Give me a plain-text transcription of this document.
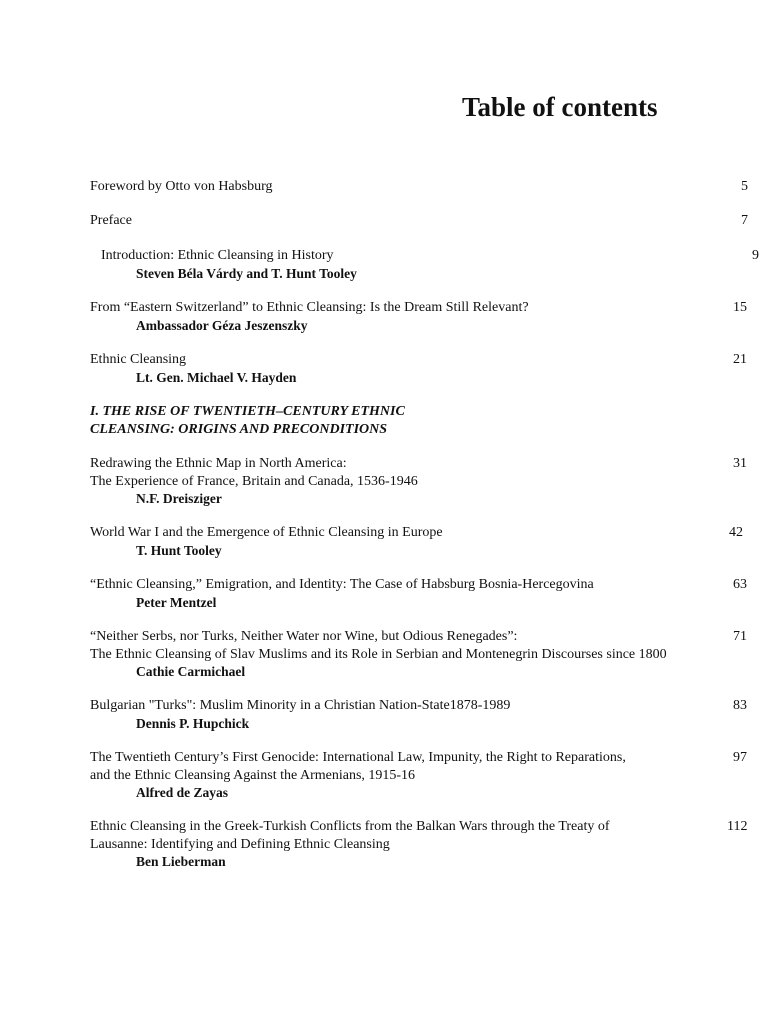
Table of contents
Foreword by Otto von Habsburg	5
Preface	7
Introduction: Ethnic Cleansing in History
Steven Béla Várdy and T. Hunt Tooley
9
From “Eastern Switzerland” to Ethnic Cleansing: Is the Dream Still Relevant?
Ambassador Géza Jeszenszky
15
Ethnic Cleansing
Lt. Gen. Michael V. Hayden
21
Redrawing the Ethnic Map in North America:
The Experience of France, Britain and Canada, 1536-1946
N.F. Dreisziger
31
World War I and the Emergence of Ethnic Cleansing in Europe
T. Hunt Tooley
42
“Ethnic Cleansing,” Emigration, and Identity: The Case of Habsburg Bosnia-Hercegovina
Peter Mentzel
63
“Neither Serbs, nor Turks, Neither Water nor Wine, but Odious Renegades”:
The Ethnic Cleansing of Slav Muslims and its Role in Serbian and Montenegrin Discourses since 1800
Cathie Carmichael
71
Bulgarian "Turks": Muslim Minority in a Christian Nation-State1878-1989
Dennis P. Hupchick
83
The Twentieth Century’s First Genocide: International Law, Impunity, the Right to Reparations,
and the Ethnic Cleansing Against the Armenians, 1915-16
Alfred de Zayas
97
Ethnic Cleansing in the Greek-Turkish Conflicts from the Balkan Wars through the Treaty of
Lausanne: Identifying and Defining Ethnic Cleansing
Ben Lieberman
112
I. THE RISE OF TWENTIETH–CENTURY ETHNIC
CLEANSING: ORIGINS AND PRECONDITIONS
